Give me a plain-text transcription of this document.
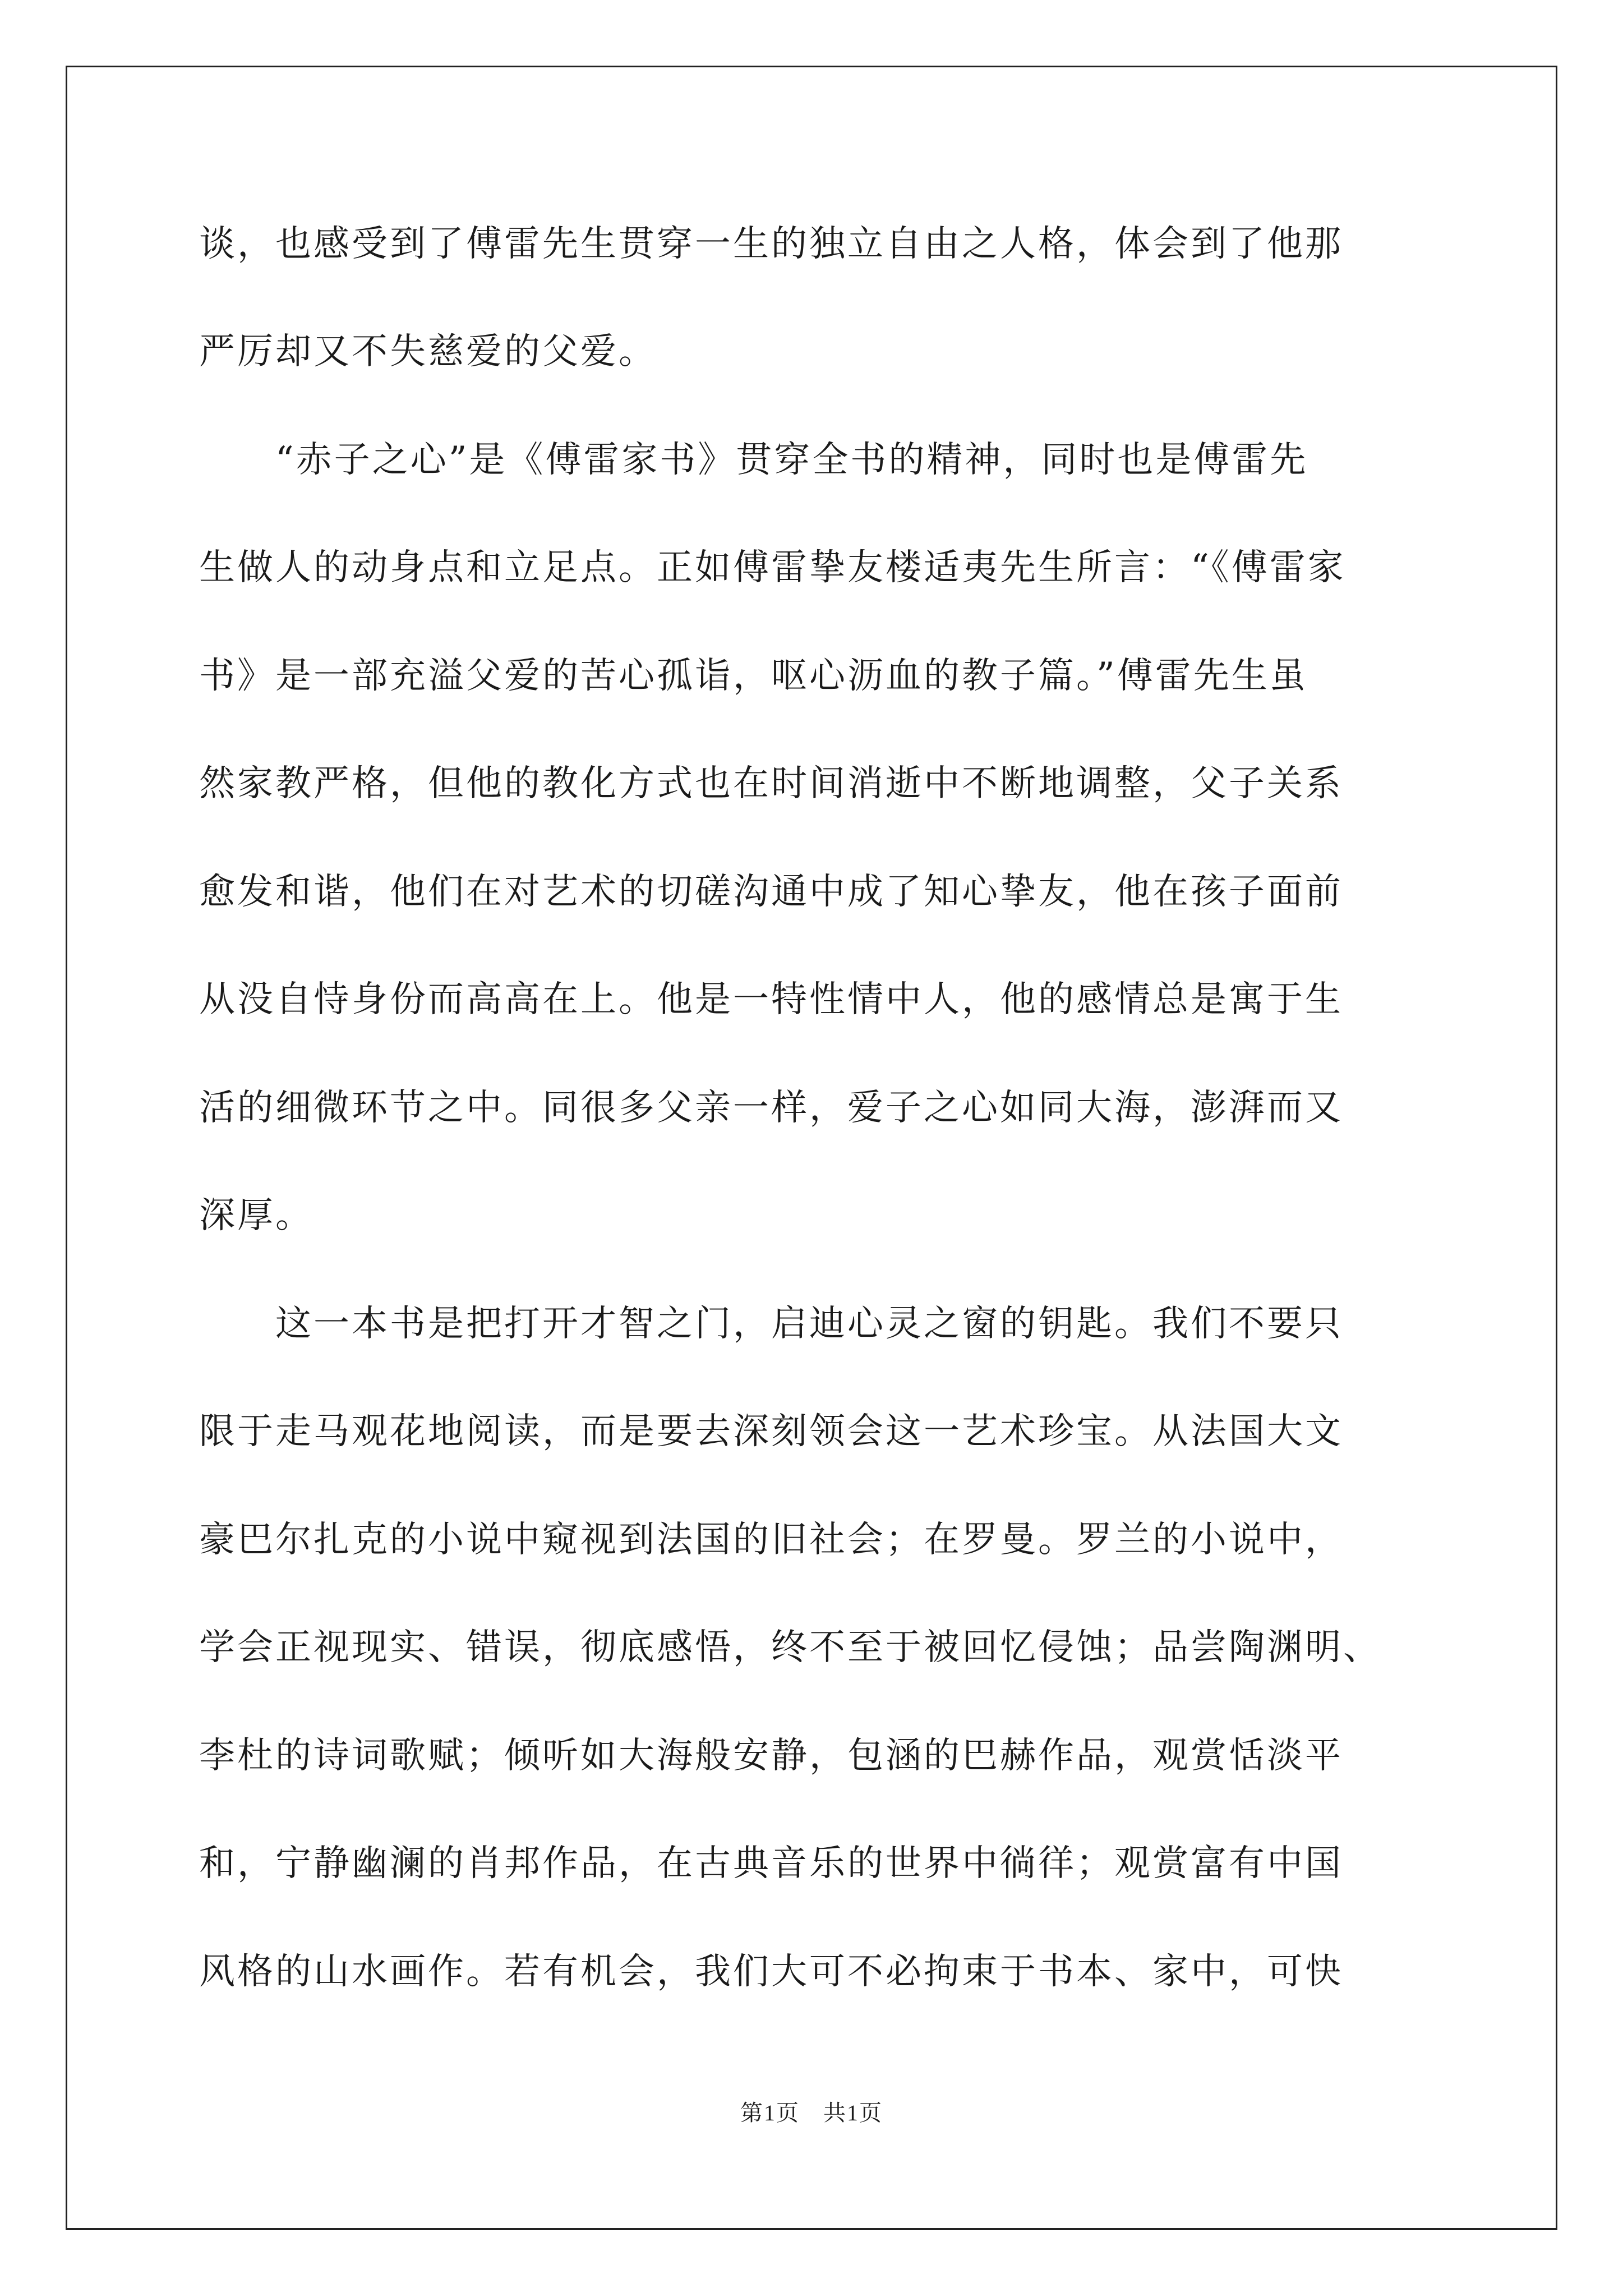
谈，也感受到了傅雷先生贯穿一生的独立自由之人格，体会到了他那
严厉却又不失慈爱的父爱。
　　“赤子之心”是《傅雷家书》贯穿全书的精神，同时也是傅雷先
生做人的动身点和立足点。正如傅雷挚友楼适夷先生所言：“《傅雷家
书》是一部充溢父爱的苦心孤诣，呕心沥血的教子篇。”傅雷先生虽
然家教严格，但他的教化方式也在时间消逝中不断地调整，父子关系
愈发和谐，他们在对艺术的切磋沟通中成了知心挚友，他在孩子面前
从没自恃身份而高高在上。他是一特性情中人，他的感情总是寓于生
活的细微环节之中。同很多父亲一样，爱子之心如同大海，澎湃而又
深厚。
　　这一本书是把打开才智之门，启迪心灵之窗的钥匙。我们不要只
限于走马观花地阅读，而是要去深刻领会这一艺术珍宝。从法国大文
豪巴尔扎克的小说中窥视到法国的旧社会；在罗曼。罗兰的小说中，
学会正视现实、错误，彻底感悟，终不至于被回忆侵蚀；品尝陶渊明、
李杜的诗词歌赋；倾听如大海般安静，包涵的巴赫作品，观赏恬淡平
和，宁静幽澜的肖邦作品，在古典音乐的世界中徜徉；观赏富有中国
风格的山水画作。若有机会，我们大可不必拘束于书本、家中，可快
第1页　共1页
